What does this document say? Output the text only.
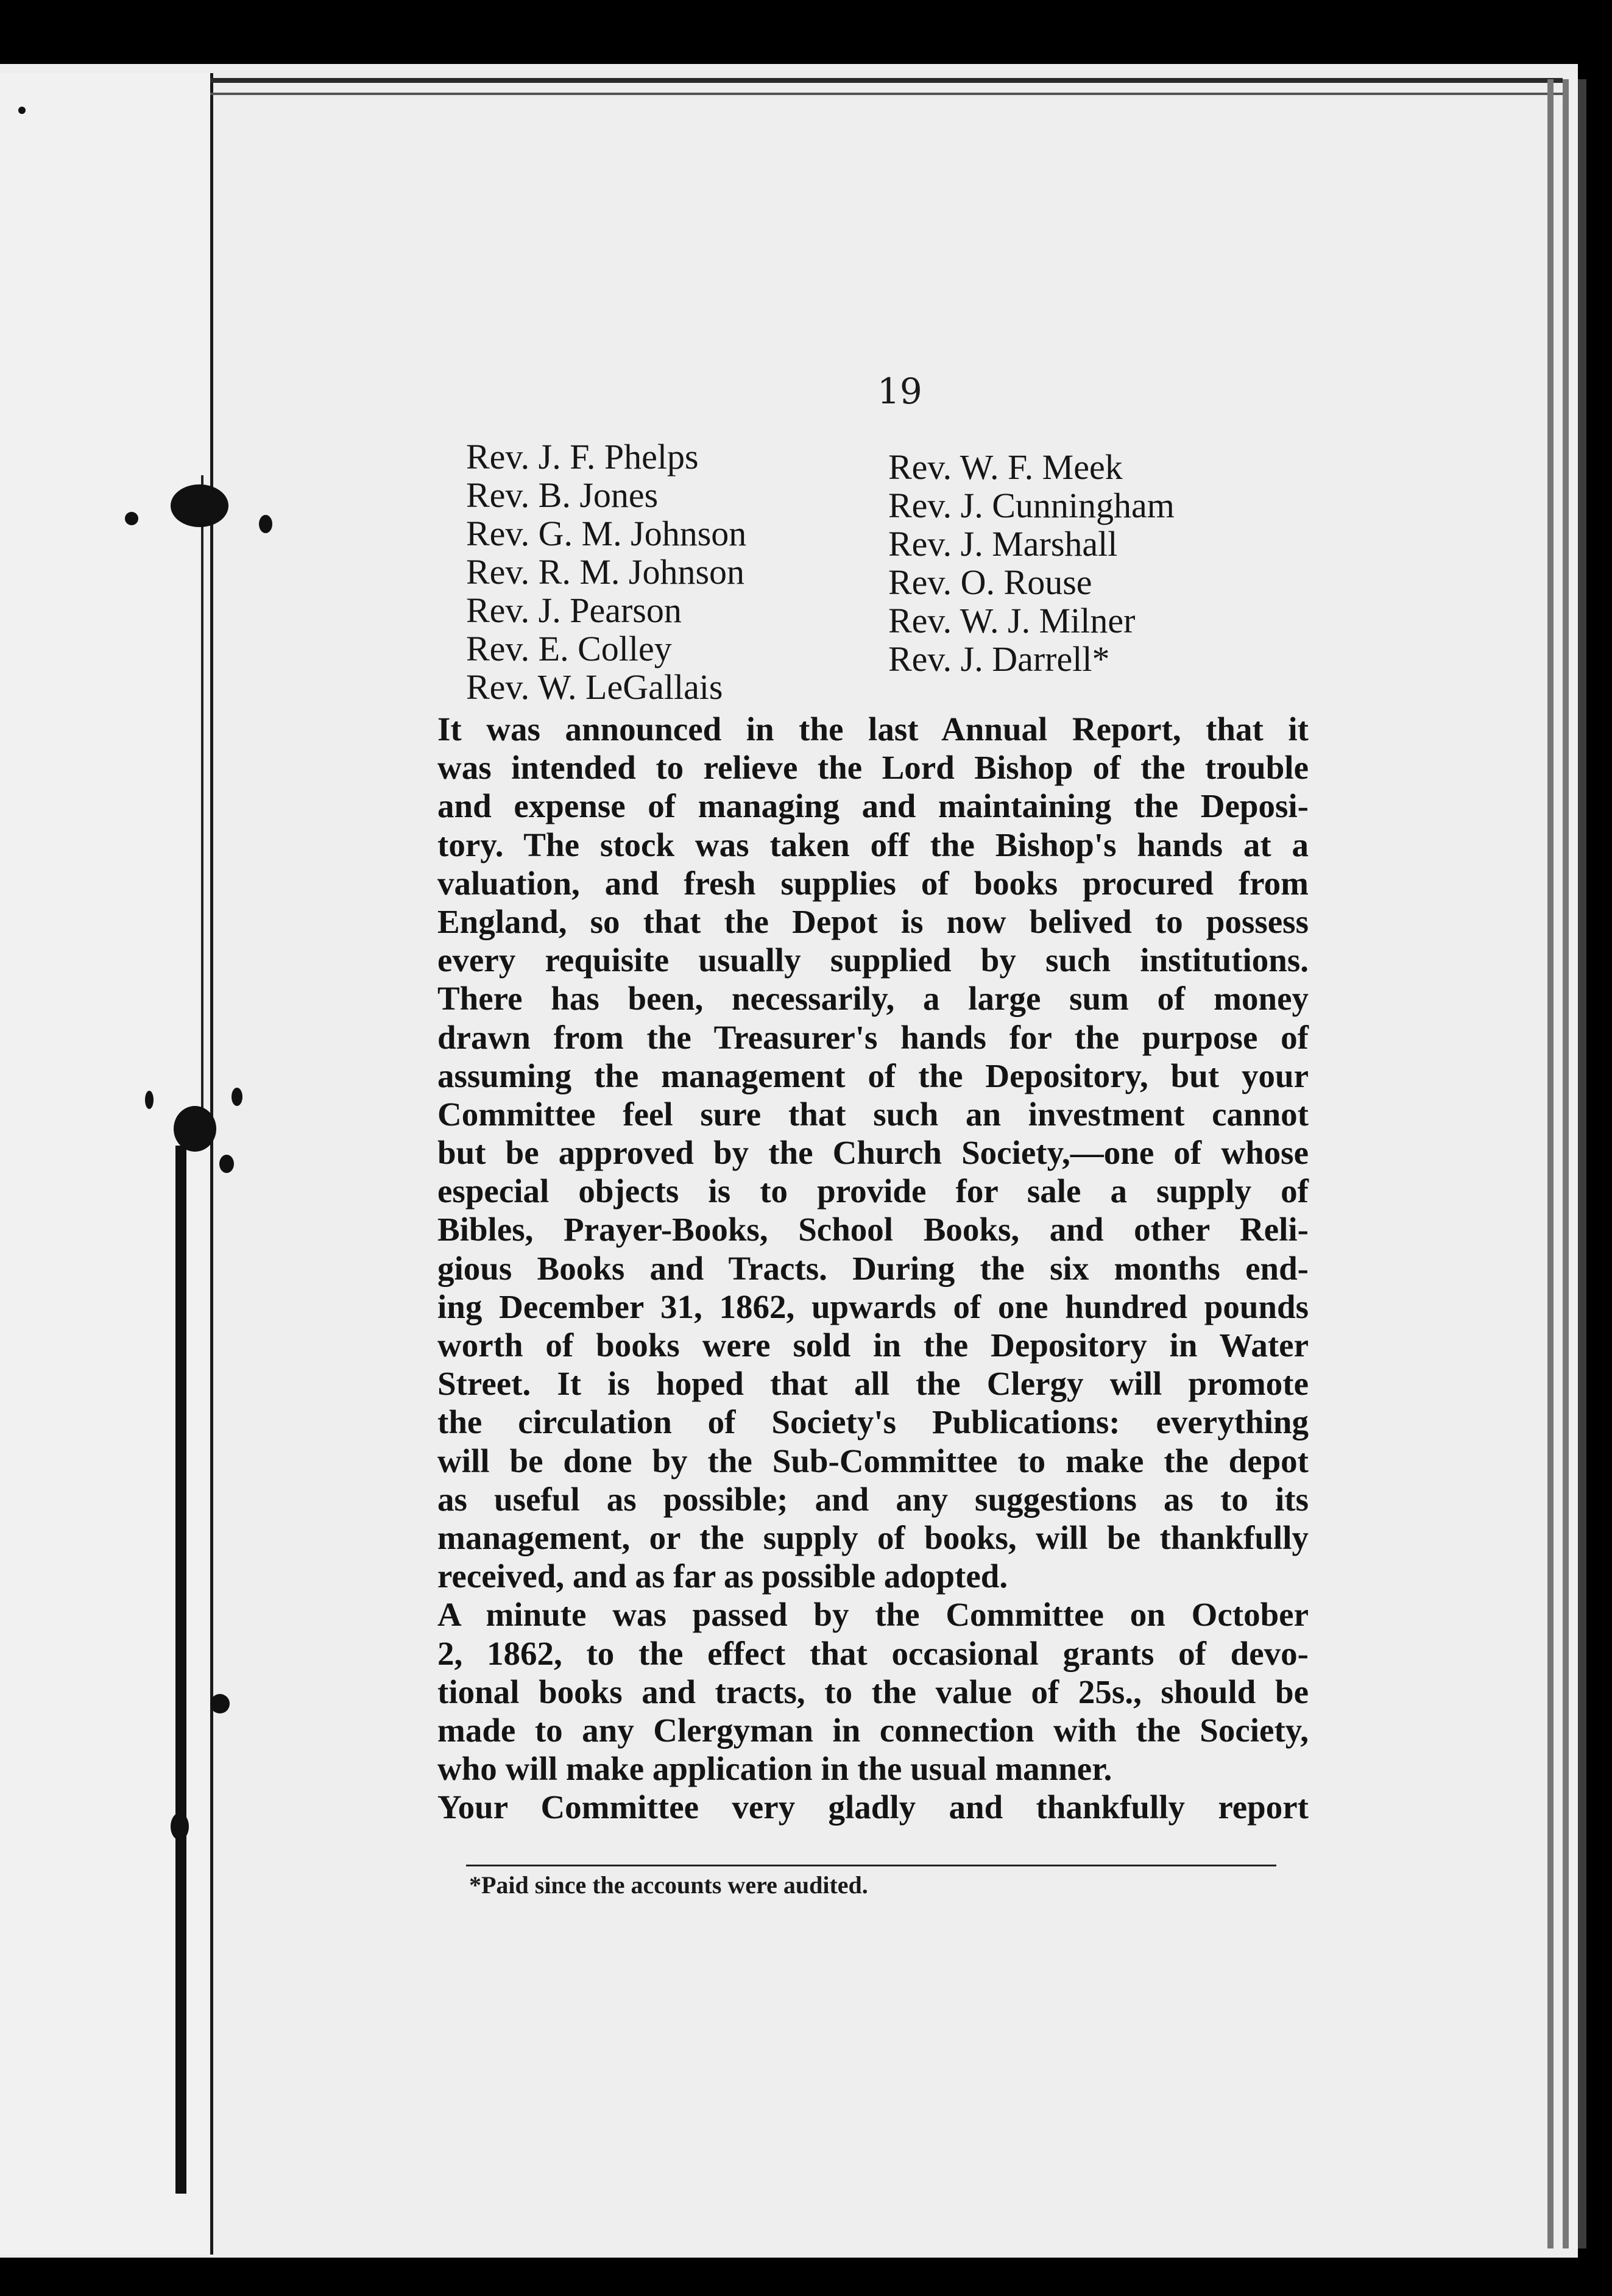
19
Rev. J. F. Phelps
Rev. B. Jones
Rev. G. M. Johnson
Rev. R. M. Johnson
Rev. J. Pearson
Rev. E. Colley
Rev. W. LeGallais
Rev. W. F. Meek
Rev. J. Cunningham
Rev. J. Marshall
Rev. O. Rouse
Rev. W. J. Milner
Rev. J. Darrell*
It was announced in the last Annual Report, that it
was intended to relieve the Lord Bishop of the trouble
and expense of managing and maintaining the Deposi-
tory. The stock was taken off the Bishop's hands at a
valuation, and fresh supplies of books procured from
England, so that the Depot is now belived to possess
every requisite usually supplied by such institutions.
There has been, necessarily, a large sum of money
drawn from the Treasurer's hands for the purpose of
assuming the management of the Depository, but your
Committee feel sure that such an investment cannot
but be approved by the Church Society,—one of whose
especial objects is to provide for sale a supply of
Bibles, Prayer-Books, School Books, and other Reli-
gious Books and Tracts. During the six months end-
ing December 31, 1862, upwards of one hundred pounds
worth of books were sold in the Depository in Water
Street. It is hoped that all the Clergy will promote
the circulation of Society's Publications: everything
will be done by the Sub-Committee to make the depot
as useful as possible; and any suggestions as to its
management, or the supply of books, will be thankfully
received, and as far as possible adopted.
A minute was passed by the Committee on October
2, 1862, to the effect that occasional grants of devo-
tional books and tracts, to the value of 25s., should be
made to any Clergyman in connection with the Society,
who will make application in the usual manner.
Your Committee very gladly and thankfully report
*Paid since the accounts were audited.
